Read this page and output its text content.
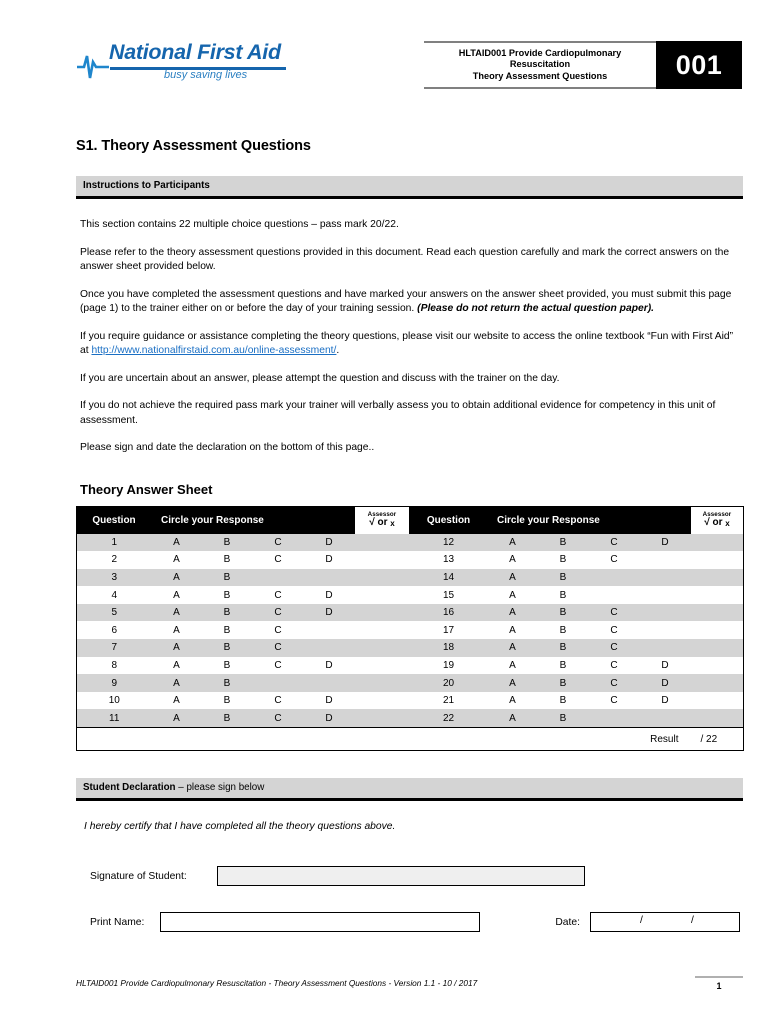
National First Aid
busy saving lives
HLTAID001 Provide Cardiopulmonary
Resuscitation
Theory Assessment Questions	001
S1. Theory Assessment Questions
Instructions to Participants

This section contains 22 multiple choice questions – pass mark 20/22.

Please refer to the theory assessment questions provided in this document. Read each question carefully and mark the correct answers on the answer sheet provided below.

Once you have completed the assessment questions and have marked your answers on the answer sheet provided, you must submit this page (page 1) to the trainer either on or before the day of your training session. (Please do not return the actual question paper).

If you require guidance or assistance completing the theory questions, please visit our website to access the online textbook “Fun with First Aid” at http://www.nationalfirstaid.com.au/online-assessment/.

If you are uncertain about an answer, please attempt the question and discuss with the trainer on the day.

If you do not achieve the required pass mark your trainer will verbally assess you to obtain additional evidence for competency in this unit of assessment.

Please sign and date the declaration on the bottom of this page..

Theory Answer Sheet
Question	Circle your Response				Assessor
√ or x	Question	Circle your Response				Assessor
√ or x

1	A	B	C	D		12	A	B	C	D	
2	A	B	C	D		13	A	B	C		
3	A	B				14	A	B			
4	A	B	C	D		15	A	B			
5	A	B	C	D		16	A	B	C		
6	A	B	C			17	A	B	C		
7	A	B	C			18	A	B	C		
8	A	B	C	D		19	A	B	C	D	
9	A	B				20	A	B	C	D	
10	A	B	C	D		21	A	B	C	D	
11	A	B	C	D		22	A	B			
										Result	/ 22
Student Declaration – please sign below
I hereby certify that I have completed all the theory questions above.
Signature of Student:
Print Name:	Date:	/	/
HLTAID001 Provide Cardiopulmonary Resuscitation - Theory Assessment Questions - Version 1.1 - 10 / 2017	1
